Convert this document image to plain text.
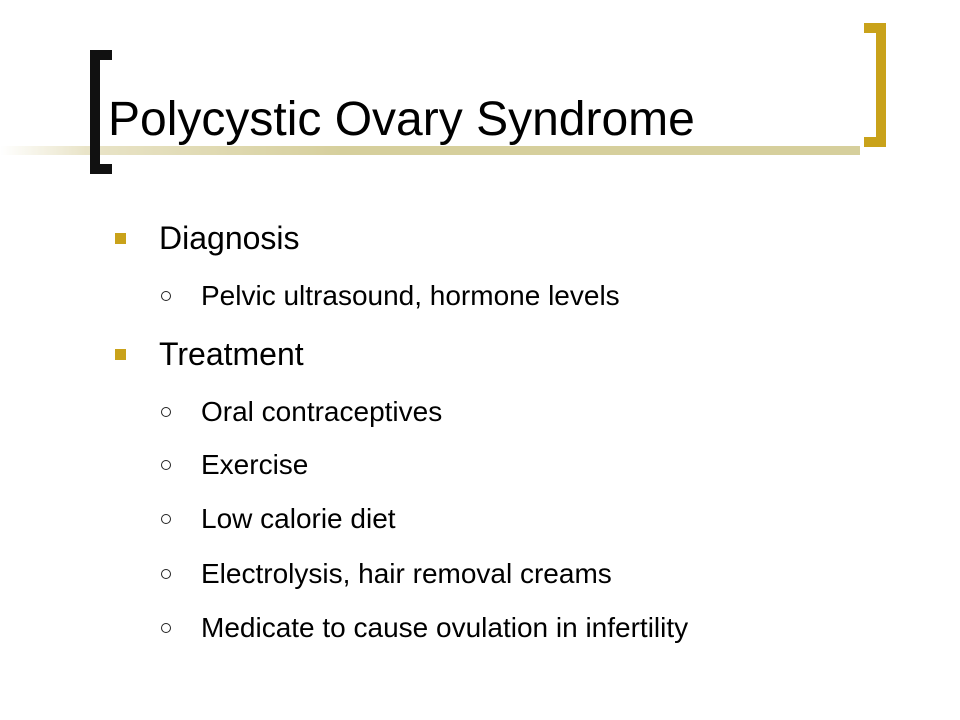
Polycystic Ovary Syndrome
Diagnosis
Pelvic ultrasound, hormone levels
Treatment
Oral contraceptives
Exercise
Low calorie diet
Electrolysis, hair removal creams
Medicate to cause ovulation in infertility
